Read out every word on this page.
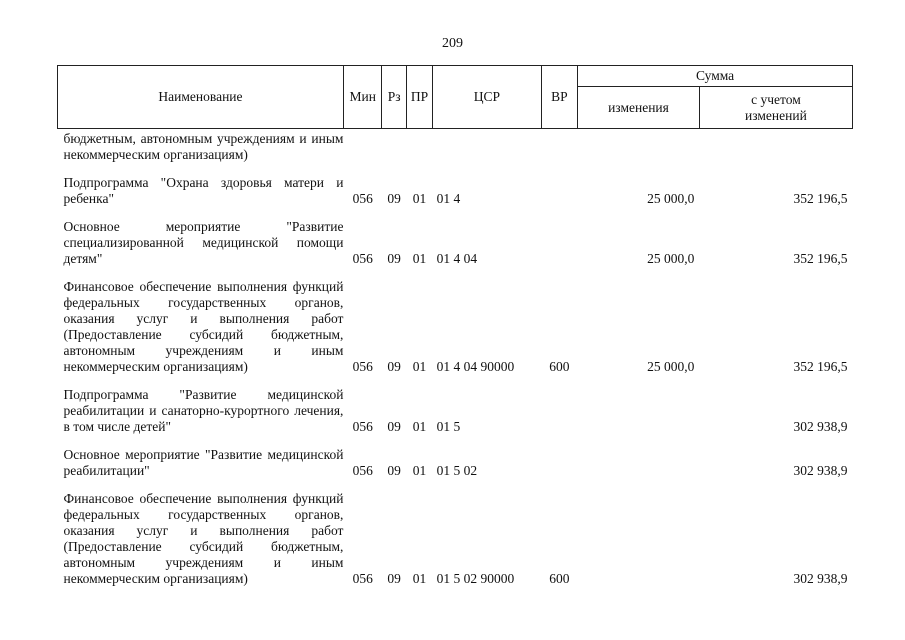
209
Наименование	Мин	Рз	ПР	ЦСР	ВР	Сумма	
						изменения	с учетом изменений
бюджетным, автономным учреждениям и иным некоммерческим организациям)							
Подпрограмма "Охрана здоровья матери и ребенка"	056	09	01	01 4		25 000,0	352 196,5
Основное мероприятие "Развитие специализированной медицинской помощи детям"	056	09	01	01 4 04		25 000,0	352 196,5
Финансовое обеспечение выполнения функций федеральных государственных органов, оказания услуг и выполнения работ (Предоставление субсидий бюджетным, автономным учреждениям и иным некоммерческим организациям)	056	09	01	01 4 04 90000	600	25 000,0	352 196,5
Подпрограмма "Развитие медицинской реабилитации и санаторно-курортного лечения, в том числе детей"	056	09	01	01 5			302 938,9
Основное мероприятие "Развитие медицинской реабилитации"	056	09	01	01 5 02			302 938,9
Финансовое обеспечение выполнения функций федеральных государственных органов, оказания услуг и выполнения работ (Предоставление субсидий бюджетным, автономным учреждениям и иным некоммерческим организациям)	056	09	01	01 5 02 90000	600		302 938,9
